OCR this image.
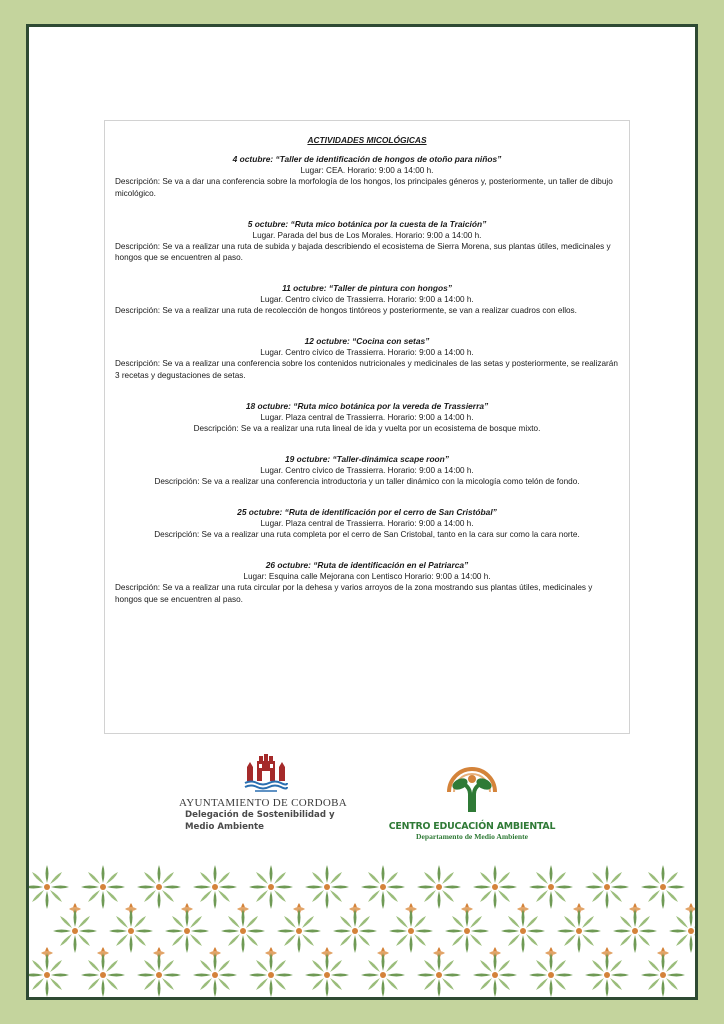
ACTIVIDADES MICOLÓGICAS
4 octubre: “Taller de identificación de hongos de otoño para niños”
Lugar: CEA. Horario: 9:00 a 14:00 h.
Descripción: Se va a dar una conferencia sobre la morfología de los hongos, los principales géneros y, posteriormente, un taller de dibujo micológico.
5 octubre: “Ruta mico botánica por la cuesta de la Traición”
Lugar. Parada del bus de Los Morales. Horario: 9:00 a 14:00 h.
Descripción: Se va a realizar una ruta de subida y bajada describiendo el ecosistema de Sierra Morena, sus plantas útiles, medicinales y hongos que se encuentren al paso.
11 octubre: “Taller de pintura con hongos”
Lugar. Centro cívico de Trassierra. Horario: 9:00 a 14:00 h.
Descripción: Se va a realizar una ruta de recolección de hongos tintóreos y posteriormente, se van a realizar cuadros con ellos.
12 octubre: “Cocina con setas”
Lugar. Centro cívico de Trassierra. Horario: 9:00 a 14:00 h.
Descripción: Se va a realizar una conferencia sobre los contenidos nutricionales y medicinales de las setas y posteriormente, se realizarán 3 recetas y degustaciones de setas.
18 octubre: “Ruta mico botánica por la vereda de Trassierra”
Lugar. Plaza central de Trassierra. Horario: 9:00 a 14:00 h.
Descripción: Se va a realizar una ruta lineal de ida y vuelta por un ecosistema de bosque mixto.
19 octubre: “Taller-dinámica scape roon”
Lugar. Centro cívico de Trassierra. Horario: 9:00 a 14:00 h.
Descripción: Se va a realizar una conferencia introductoria y un taller dinámico con la micología como telón de fondo.
25 octubre: “Ruta de identificación por el cerro de San Cristóbal”
Lugar. Plaza central de Trassierra. Horario: 9:00 a 14:00 h.
Descripción: Se va a realizar una ruta completa por el cerro de San Cristobal, tanto en la cara sur como la cara norte.
26 octubre: “Ruta de identificación en el Patriarca”
Lugar: Esquina calle Mejorana con Lentisco Horario: 9:00 a 14:00 h.
Descripción: Se va a realizar una ruta circular por la dehesa y varios arroyos de la zona mostrando sus plantas útiles, medicinales y hongos que se encuentren al paso.
AYUNTAMIENTO DE CORDOBA
Delegación de Sostenibilidad y
Medio Ambiente	CENTRO EDUCACIÓN AMBIENTAL
Departamento de Medio Ambiente
